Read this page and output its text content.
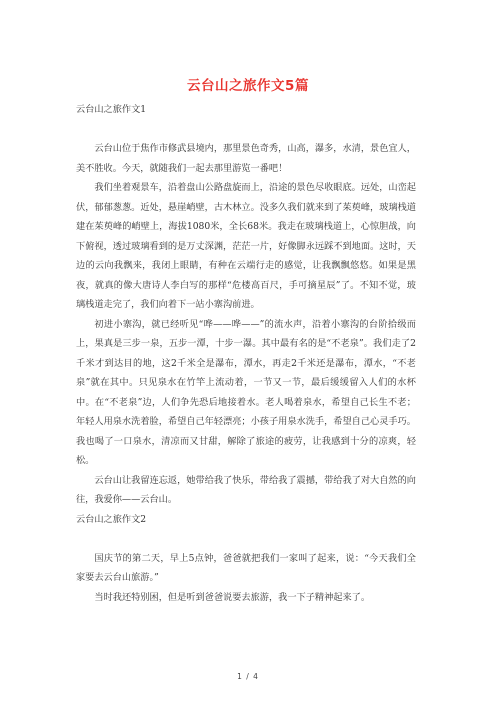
云台山之旅作文5篇

云台山之旅作文1

云台山位于焦作市修武县境内，那里景色奇秀，山高，瀑多，水清，景色宜人，美不胜收。今天，就随我们一起去那里游览一番吧！

我们坐着观景车，沿着盘山公路盘旋而上，沿途的景色尽收眼底。远处，山峦起伏，郁郁葱葱。近处，悬崖峭壁，古木林立。没多久我们就来到了茱萸峰，玻璃栈道建在茱萸峰的峭壁上，海拔1080米，全长68米。我走在玻璃栈道上，心惊胆战，向下俯视，透过玻璃看到的是万丈深渊，茫茫一片，好像脚永远踩不到地面。这时，天边的云向我飘来，我闭上眼睛，有种在云端行走的感觉，让我飘飘悠悠。如果是黑夜，就真的像大唐诗人李白写的那样“危楼高百尺，手可摘星辰”了。不知不觉，玻璃栈道走完了，我们向着下一站小寨沟前进。

初进小寨沟，就已经听见“哗——哗——”的流水声，沿着小寨沟的台阶拾级而上，果真是三步一泉，五步一潭，十步一瀑。其中最有名的是“不老泉”。我们走了2千米才到达目的地，这2千米全是瀑布，潭水，再走2千米还是瀑布，潭水，“不老泉”就在其中。只见泉水在竹竿上流动着，一节又一节，最后缓缓留入人们的水杯中。在“不老泉”边，人们争先恐后地接着水。老人喝着泉水，希望自己长生不老；年轻人用泉水洗着脸，希望自己年轻漂亮；小孩子用泉水洗手，希望自己心灵手巧。我也喝了一口泉水，清凉而又甘甜，解除了旅途的疲劳，让我感到十分的凉爽，轻松。

云台山让我留连忘返，她带给我了快乐，带给我了震撼，带给我了对大自然的向往，我爱你——云台山。

云台山之旅作文2

国庆节的第二天，早上5点钟，爸爸就把我们一家叫了起来，说：“今天我们全家要去云台山旅游。”

当时我还特别困，但是听到爸爸说要去旅游，我一下子精神起来了。

1 / 4
